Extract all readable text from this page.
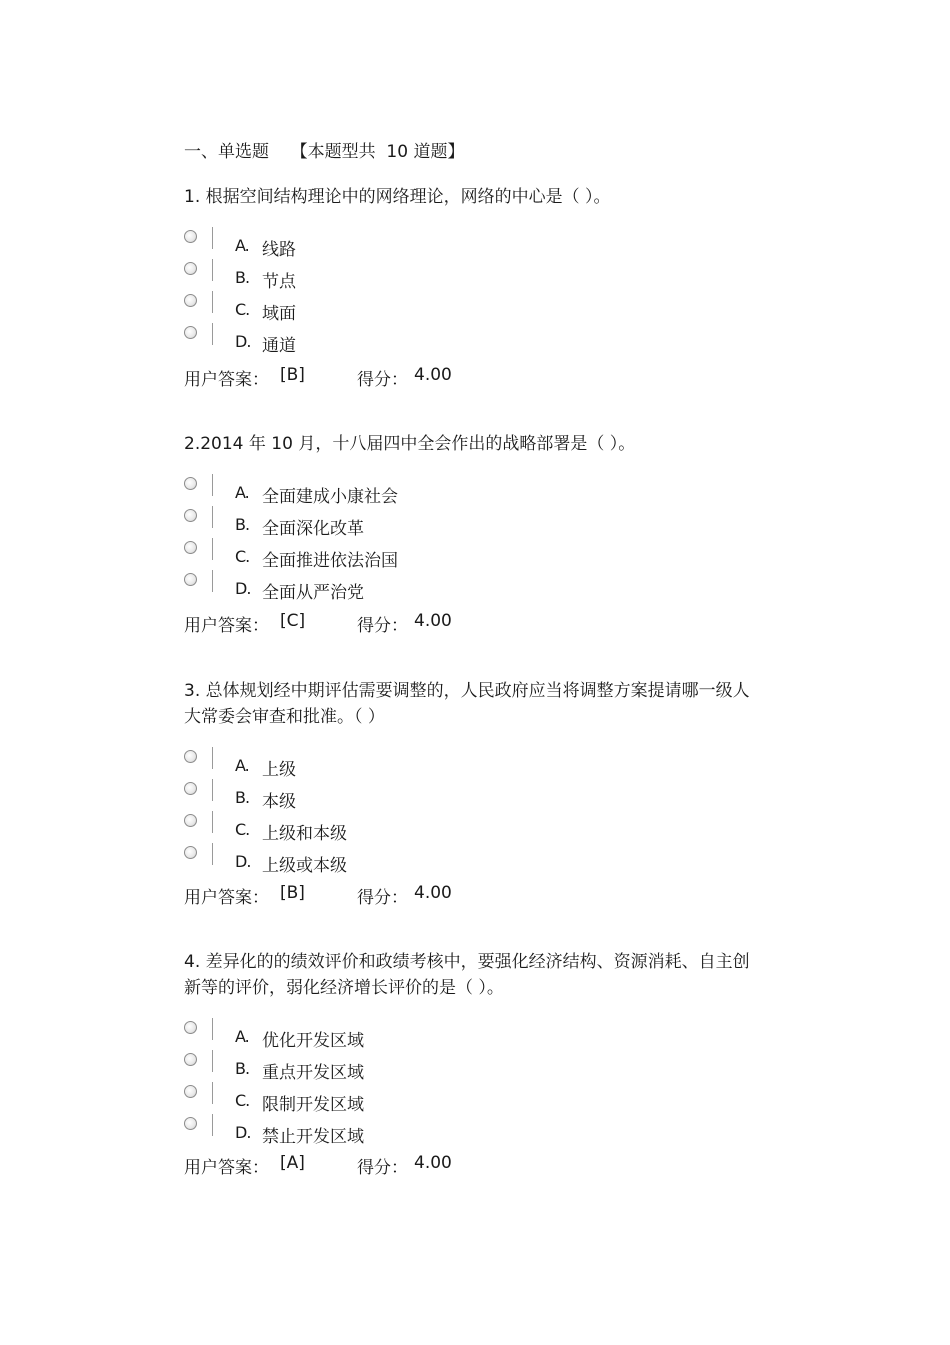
一、单选题    【本题型共  10 道题】

1. 根据空间结构理论中的网络理论，网络的中心是（ ）。

A. 线路
B. 节点
C. 域面
D. 通道
用户答案： [B]	得分： 4.00

2.2014 年 10 月，十八届四中全会作出的战略部署是（ ）。

A. 全面建成小康社会
B. 全面深化改革
C. 全面推进依法治国
D. 全面从严治党
用户答案： [C]	得分： 4.00

3. 总体规划经中期评估需要调整的，人民政府应当将调整方案提请哪一级人大常委会审查和批准。（ ）

A. 上级
B. 本级
C. 上级和本级
D. 上级或本级
用户答案： [B]	得分： 4.00

4. 差异化的的绩效评价和政绩考核中，要强化经济结构、资源消耗、自主创新等的评价，弱化经济增长评价的是（ ）。

A. 优化开发区域
B. 重点开发区域
C. 限制开发区域
D. 禁止开发区域
用户答案： [A]	得分： 4.00
